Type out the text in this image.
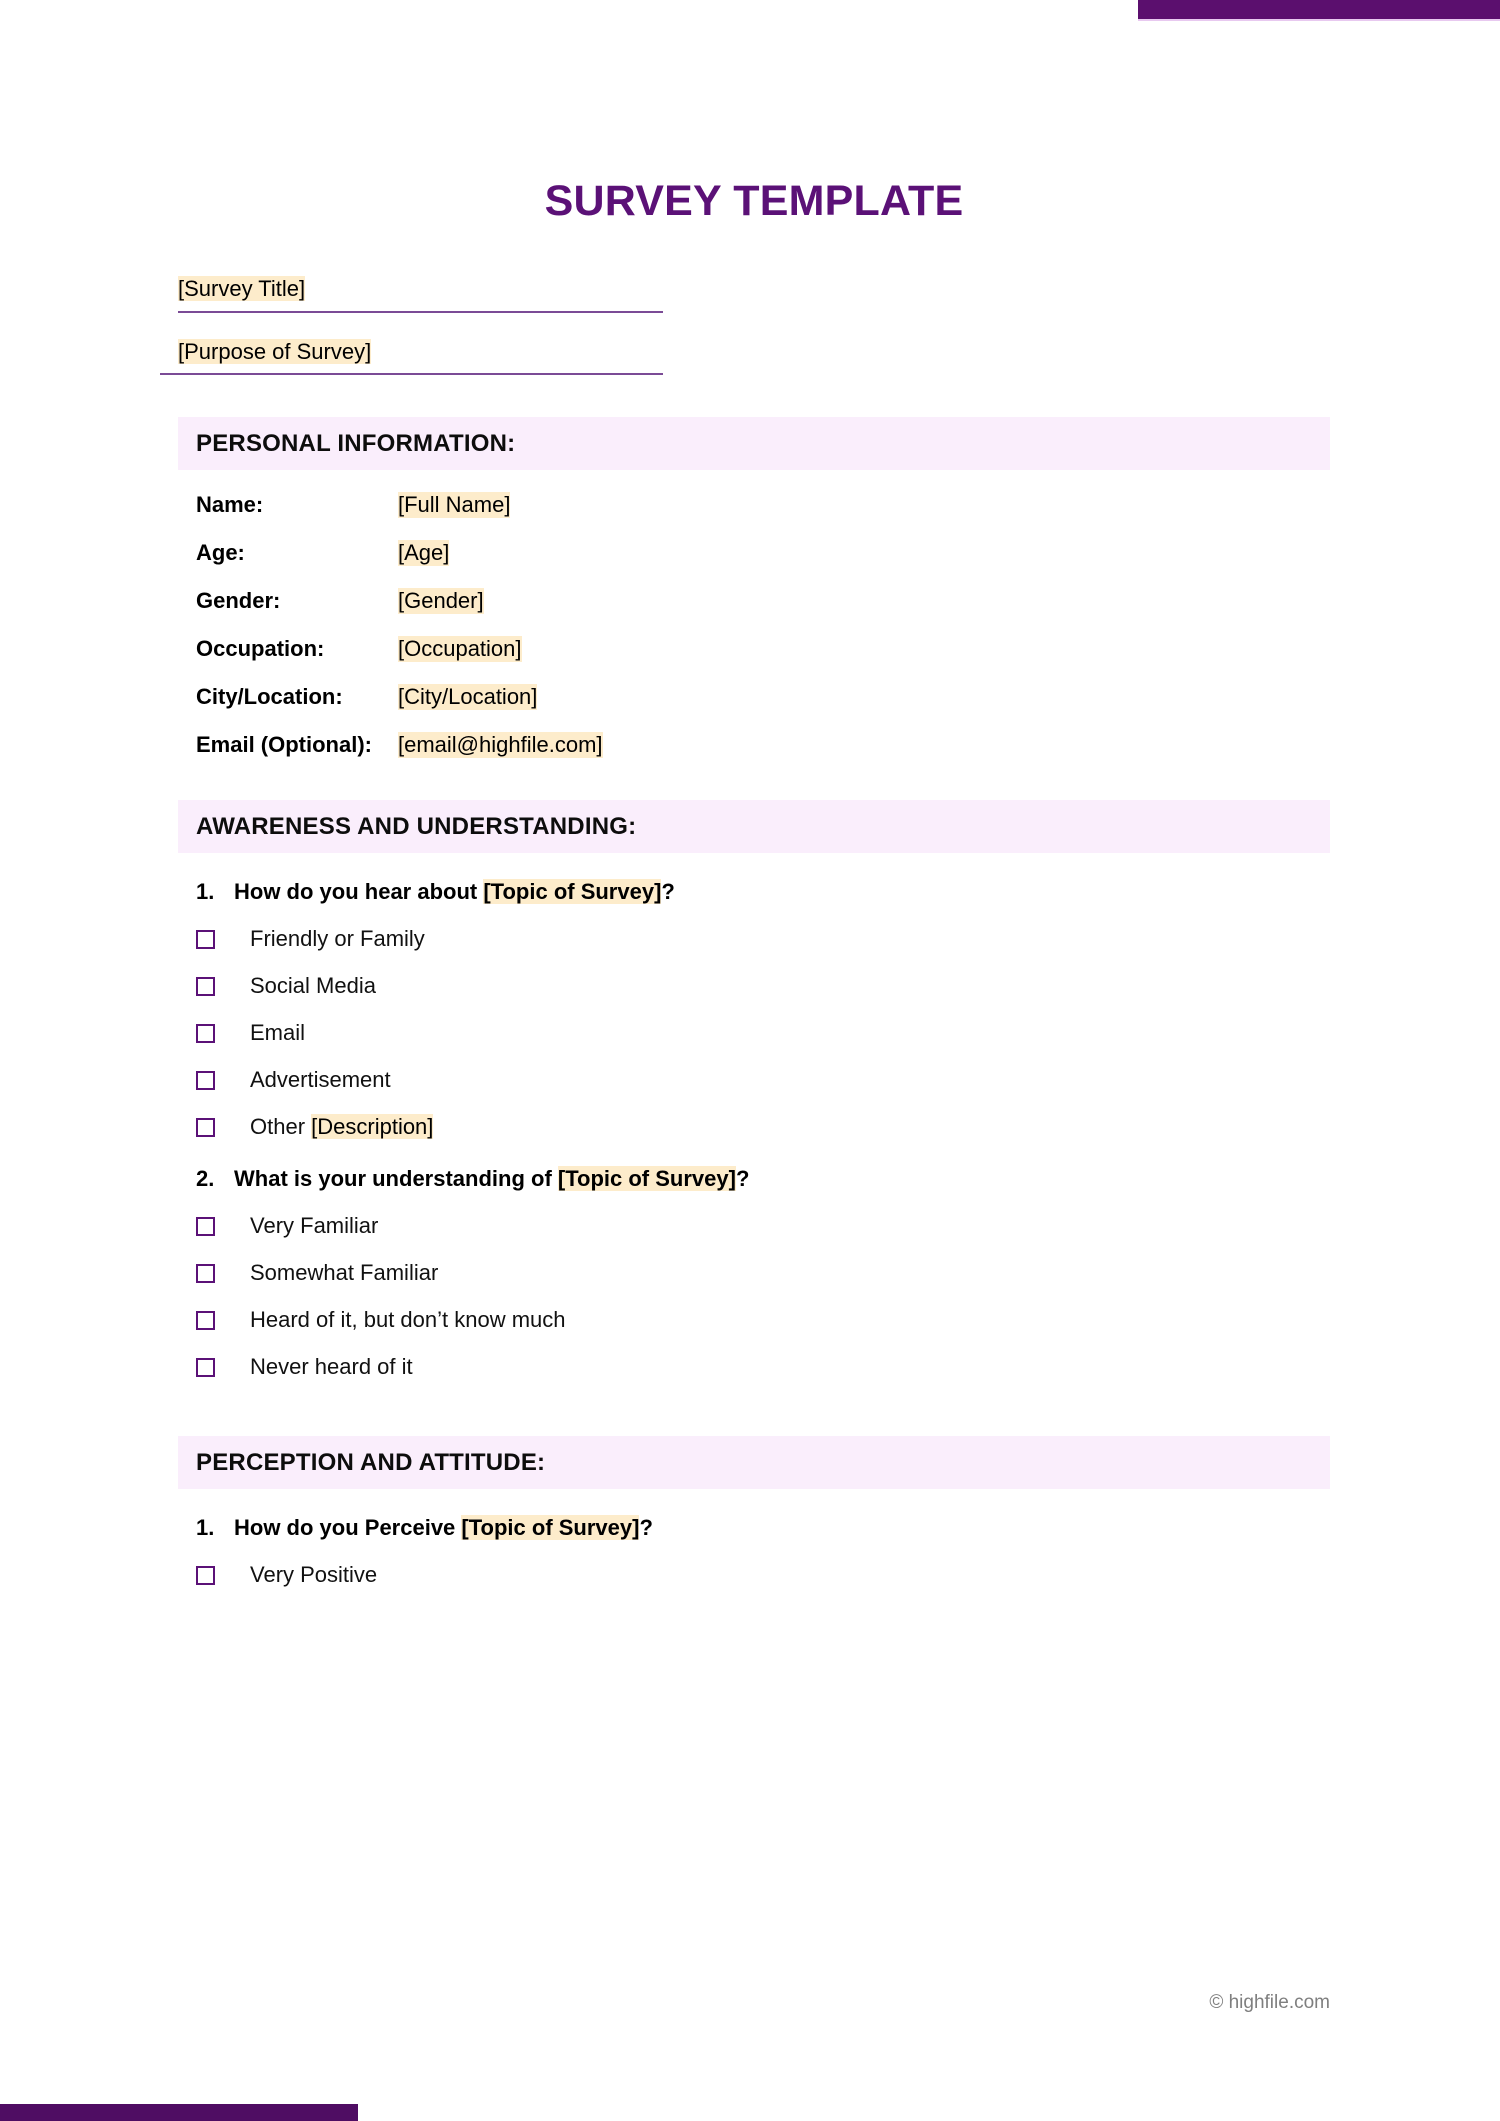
SURVEY TEMPLATE
[Survey Title]
[Purpose of Survey]
PERSONAL INFORMATION:
Name:	[Full Name]
Age:	[Age]
Gender:	[Gender]
Occupation:	[Occupation]
City/Location:	[City/Location]
Email (Optional):	[email@highfile.com]
AWARENESS AND UNDERSTANDING:
1. How do you hear about [Topic of Survey]?
Friendly or Family
Social Media
Email
Advertisement
Other [Description]
2. What is your understanding of [Topic of Survey]?
Very Familiar
Somewhat Familiar
Heard of it, but don’t know much
Never heard of it
PERCEPTION AND ATTITUDE:
1. How do you Perceive [Topic of Survey]?
Very Positive
© highfile.com
